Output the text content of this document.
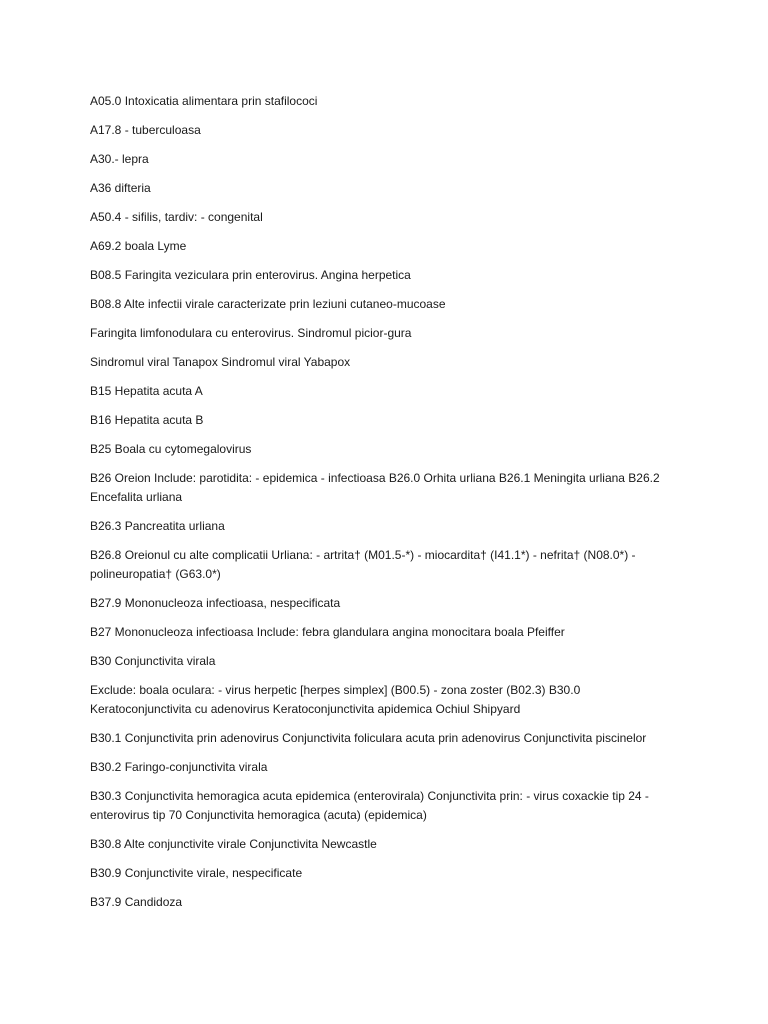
A05.0 Intoxicatia alimentara prin stafilococi

A17.8 - tuberculoasa

A30.- lepra

A36 difteria

A50.4 - sifilis, tardiv: - congenital

A69.2 boala Lyme

B08.5 Faringita veziculara prin enterovirus. Angina herpetica

B08.8 Alte infectii virale caracterizate prin leziuni cutaneo-mucoase

Faringita limfonodulara cu enterovirus. Sindromul picior-gura

Sindromul viral Tanapox Sindromul viral Yabapox

B15 Hepatita acuta A

B16 Hepatita acuta B

B25 Boala cu cytomegalovirus

B26 Oreion Include: parotidita: - epidemica - infectioasa B26.0 Orhita urliana B26.1 Meningita urliana B26.2 Encefalita urliana

B26.3 Pancreatita urliana

B26.8 Oreionul cu alte complicatii Urliana: - artrita† (M01.5-*) - miocardita† (I41.1*) - nefrita† (N08.0*) - polineuropatia† (G63.0*)

B27.9 Mononucleoza infectioasa, nespecificata

B27 Mononucleoza infectioasa Include: febra glandulara angina monocitara boala Pfeiffer

B30 Conjunctivita virala

Exclude: boala oculara: - virus herpetic [herpes simplex] (B00.5) - zona zoster (B02.3) B30.0 Keratoconjunctivita cu adenovirus Keratoconjunctivita apidemica Ochiul Shipyard

B30.1 Conjunctivita prin adenovirus Conjunctivita foliculara acuta prin adenovirus Conjunctivita piscinelor

B30.2 Faringo-conjunctivita virala

B30.3 Conjunctivita hemoragica acuta epidemica (enterovirala) Conjunctivita prin: - virus coxackie tip 24 - enterovirus tip 70 Conjunctivita hemoragica (acuta) (epidemica)

B30.8 Alte conjunctivite virale Conjunctivita Newcastle

B30.9 Conjunctivite virale, nespecificate

B37.9 Candidoza
